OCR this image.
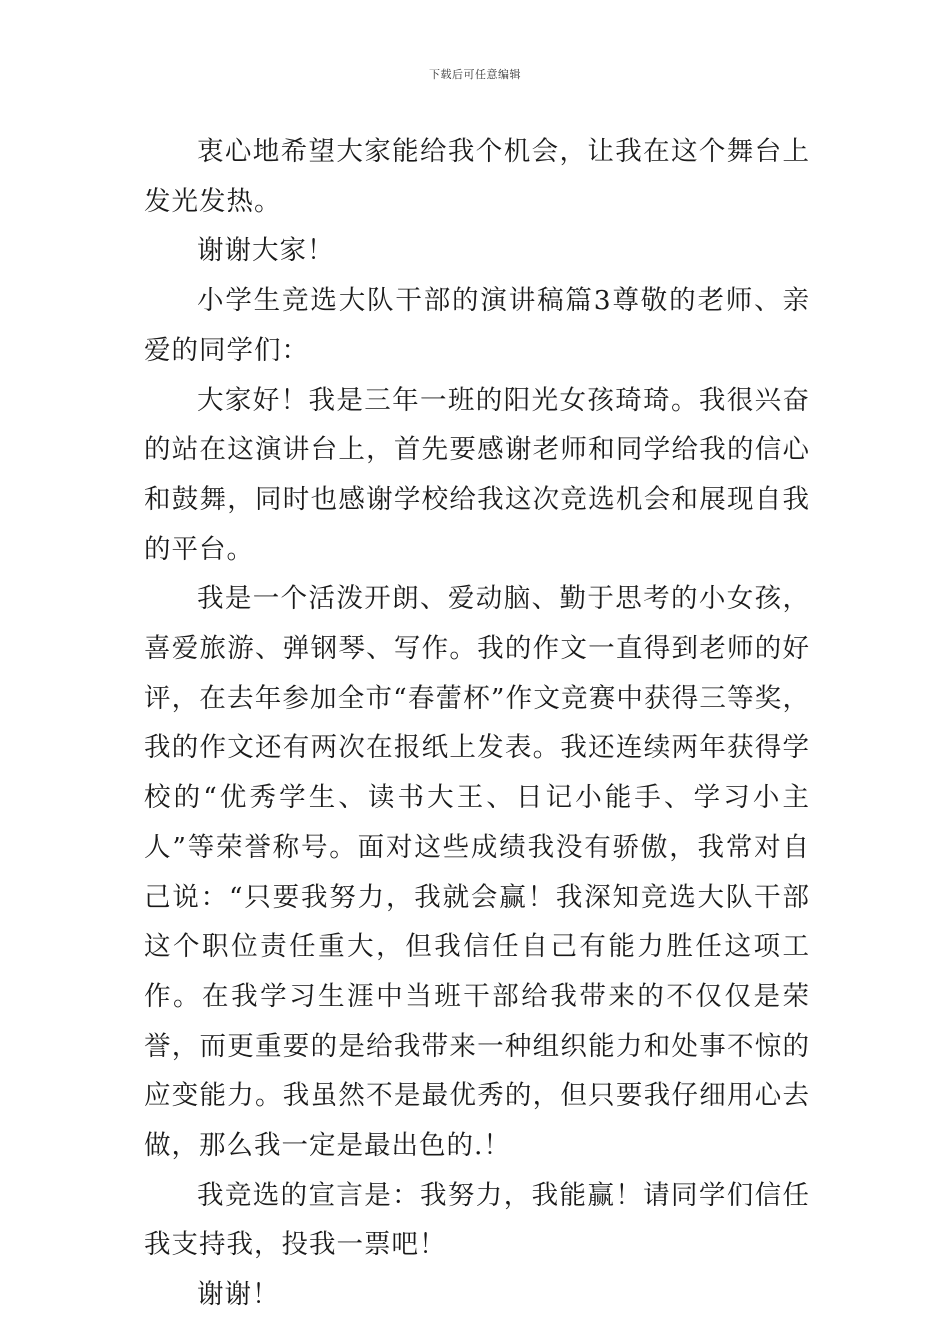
下载后可任意编辑

衷心地希望大家能给我个机会，让我在这个舞台上发光发热。

谢谢大家！

小学生竞选大队干部的演讲稿篇3尊敬的老师、亲爱的同学们：

大家好！我是三年一班的阳光女孩琦琦。我很兴奋的站在这演讲台上，首先要感谢老师和同学给我的信心和鼓舞，同时也感谢学校给我这次竞选机会和展现自我的平台。

我是一个活泼开朗、爱动脑、勤于思考的小女孩，喜爱旅游、弹钢琴、写作。我的作文一直得到老师的好评，在去年参加全市“春蕾杯”作文竞赛中获得三等奖，我的作文还有两次在报纸上发表。我还连续两年获得学校的“优秀学生、读书大王、日记小能手、学习小主人”等荣誉称号。面对这些成绩我没有骄傲，我常对自己说：“只要我努力，我就会赢！我深知竞选大队干部这个职位责任重大，但我信任自己有能力胜任这项工作。在我学习生涯中当班干部给我带来的不仅仅是荣誉，而更重要的是给我带来一种组织能力和处事不惊的应变能力。我虽然不是最优秀的，但只要我仔细用心去做，那么我一定是最出色的.！

我竞选的宣言是：我努力，我能赢！请同学们信任我支持我，投我一票吧！

谢谢！
